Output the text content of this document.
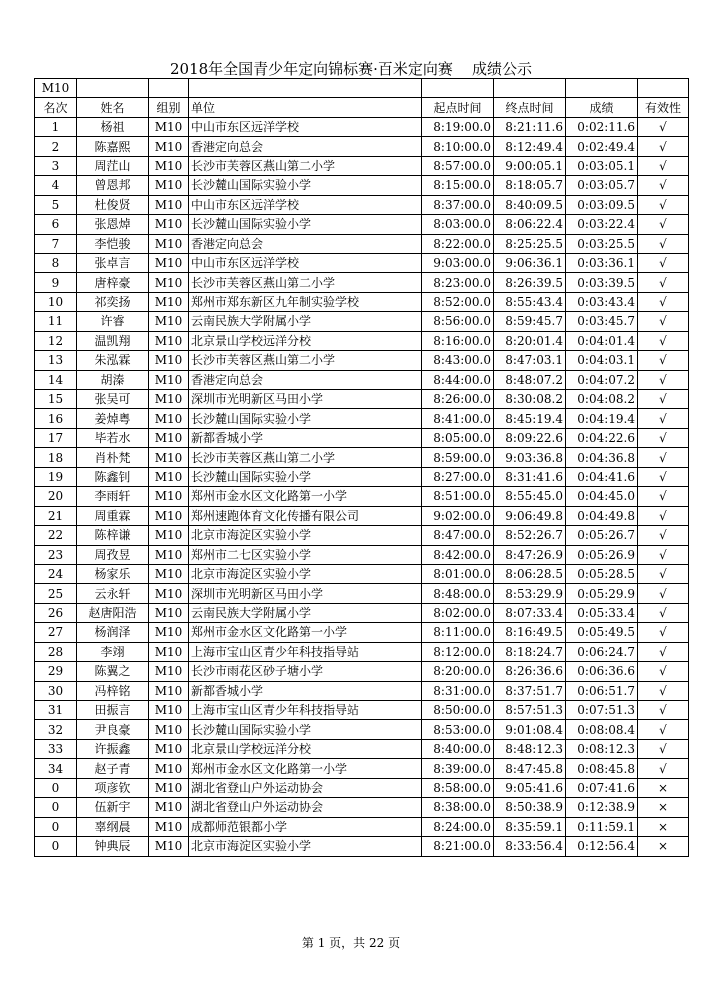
2018年全国青少年定向锦标赛·百米定向赛    成绩公示
M10							
名次	姓名	组别	单位	起点时间	终点时间	成绩	有效性
1	杨祖	M10	中山市东区远洋学校	8:19:00.0	8:21:11.6	0:02:11.6	√
2	陈嘉熙	M10	香港定向总会	8:10:00.0	8:12:49.4	0:02:49.4	√
3	周茳山	M10	长沙市芙蓉区燕山第二小学	8:57:00.0	9:00:05.1	0:03:05.1	√
4	曾恩邦	M10	长沙麓山国际实验小学	8:15:00.0	8:18:05.7	0:03:05.7	√
5	杜俊贤	M10	中山市东区远洋学校	8:37:00.0	8:40:09.5	0:03:09.5	√
6	张恩焯	M10	长沙麓山国际实验小学	8:03:00.0	8:06:22.4	0:03:22.4	√
7	李恺骏	M10	香港定向总会	8:22:00.0	8:25:25.5	0:03:25.5	√
8	张卓言	M10	中山市东区远洋学校	9:03:00.0	9:06:36.1	0:03:36.1	√
9	唐梓豪	M10	长沙市芙蓉区燕山第二小学	8:23:00.0	8:26:39.5	0:03:39.5	√
10	祁奕扬	M10	郑州市郑东新区九年制实验学校	8:52:00.0	8:55:43.4	0:03:43.4	√
11	许睿	M10	云南民族大学附属小学	8:56:00.0	8:59:45.7	0:03:45.7	√
12	温凯翔	M10	北京景山学校远洋分校	8:16:00.0	8:20:01.4	0:04:01.4	√
13	朱泓霖	M10	长沙市芙蓉区燕山第二小学	8:43:00.0	8:47:03.1	0:04:03.1	√
14	胡溱	M10	香港定向总会	8:44:00.0	8:48:07.2	0:04:07.2	√
15	张吴可	M10	深圳市光明新区马田小学	8:26:00.0	8:30:08.2	0:04:08.2	√
16	姜焯粤	M10	长沙麓山国际实验小学	8:41:00.0	8:45:19.4	0:04:19.4	√
17	毕若水	M10	新都香城小学	8:05:00.0	8:09:22.6	0:04:22.6	√
18	肖朴梵	M10	长沙市芙蓉区燕山第二小学	8:59:00.0	9:03:36.8	0:04:36.8	√
19	陈鑫钊	M10	长沙麓山国际实验小学	8:27:00.0	8:31:41.6	0:04:41.6	√
20	李雨轩	M10	郑州市金水区文化路第一小学	8:51:00.0	8:55:45.0	0:04:45.0	√
21	周重霖	M10	郑州速跑体育文化传播有限公司	9:02:00.0	9:06:49.8	0:04:49.8	√
22	陈梓谦	M10	北京市海淀区实验小学	8:47:00.0	8:52:26.7	0:05:26.7	√
23	周孜昱	M10	郑州市二七区实验小学	8:42:00.0	8:47:26.9	0:05:26.9	√
24	杨家乐	M10	北京市海淀区实验小学	8:01:00.0	8:06:28.5	0:05:28.5	√
25	云永轩	M10	深圳市光明新区马田小学	8:48:00.0	8:53:29.9	0:05:29.9	√
26	赵唐阳浩	M10	云南民族大学附属小学	8:02:00.0	8:07:33.4	0:05:33.4	√
27	杨润泽	M10	郑州市金水区文化路第一小学	8:11:00.0	8:16:49.5	0:05:49.5	√
28	李翊	M10	上海市宝山区青少年科技指导站	8:12:00.0	8:18:24.7	0:06:24.7	√
29	陈翼之	M10	长沙市雨花区砂子塘小学	8:20:00.0	8:26:36.6	0:06:36.6	√
30	冯梓铭	M10	新都香城小学	8:31:00.0	8:37:51.7	0:06:51.7	√
31	田振言	M10	上海市宝山区青少年科技指导站	8:50:00.0	8:57:51.3	0:07:51.3	√
32	尹良豪	M10	长沙麓山国际实验小学	8:53:00.0	9:01:08.4	0:08:08.4	√
33	许振鑫	M10	北京景山学校远洋分校	8:40:00.0	8:48:12.3	0:08:12.3	√
34	赵子青	M10	郑州市金水区文化路第一小学	8:39:00.0	8:47:45.8	0:08:45.8	√
0	项彦钦	M10	湖北省登山户外运动协会	8:58:00.0	9:05:41.6	0:07:41.6	×
0	伍新宇	M10	湖北省登山户外运动协会	8:38:00.0	8:50:38.9	0:12:38.9	×
0	辜纲晨	M10	成都师范银都小学	8:24:00.0	8:35:59.1	0:11:59.1	×
0	钟典辰	M10	北京市海淀区实验小学	8:21:00.0	8:33:56.4	0:12:56.4	×
第 1 页，共 22 页
